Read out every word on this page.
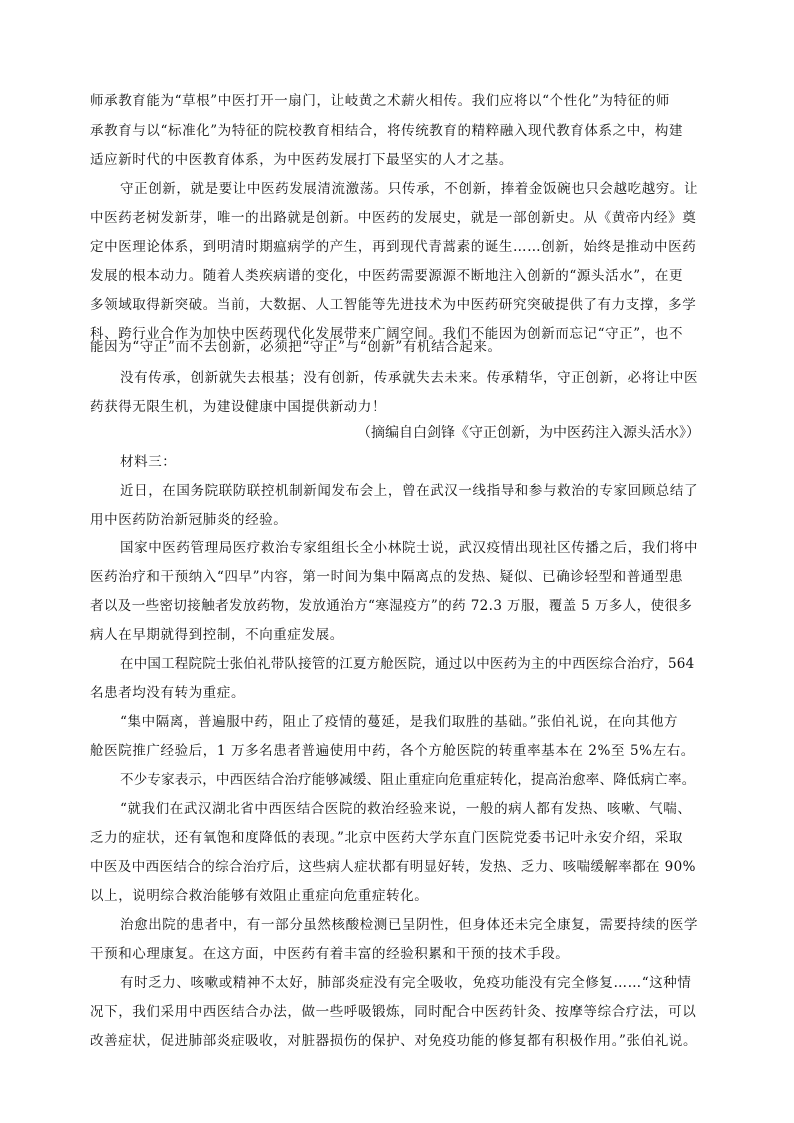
师承教育能为“草根”中医打开一扇门，让岐黄之术薪火相传。我们应将以“个性化”为特征的师
承教育与以“标准化”为特征的院校教育相结合，将传统教育的精粹融入现代教育体系之中，构建
适应新时代的中医教育体系，为中医药发展打下最坚实的人才之基。
守正创新，就是要让中医药发展清流激荡。只传承，不创新，捧着金饭碗也只会越吃越穷。让
中医药老树发新芽，唯一的出路就是创新。中医药的发展史，就是一部创新史。从《黄帝内经》奠
定中医理论体系，到明清时期瘟病学的产生，再到现代青蒿素的诞生……创新，始终是推动中医药
发展的根本动力。随着人类疾病谱的变化，中医药需要源源不断地注入创新的“源头活水”，在更
多领域取得新突破。当前，大数据、人工智能等先进技术为中医药研究突破提供了有力支撑，多学
科、跨行业合作为加快中医药现代化发展带来广阔空间。我们不能因为创新而忘记“守正”，也不
能因为“守正”而不去创新，必须把“守正”与“创新”有机结合起来。
没有传承，创新就失去根基；没有创新，传承就失去未来。传承精华，守正创新，必将让中医
药获得无限生机，为建设健康中国提供新动力！
（摘编自白剑锋《守正创新，为中医药注入源头活水》）
材料三：
近日，在国务院联防联控机制新闻发布会上，曾在武汉一线指导和参与救治的专家回顾总结了
用中医药防治新冠肺炎的经验。
国家中医药管理局医疗救治专家组组长全小林院士说，武汉疫情出现社区传播之后，我们将中
医药治疗和干预纳入“四早”内容，第一时间为集中隔离点的发热、疑似、已确诊轻型和普通型患
者以及一些密切接触者发放药物，发放通治方“寒湿疫方”的药 72.3 万服，覆盖 5 万多人，使很多
病人在早期就得到控制，不向重症发展。
在中国工程院院士张伯礼带队接管的江夏方舱医院，通过以中医药为主的中西医综合治疗，564
名患者均没有转为重症。
“集中隔离，普遍服中药，阻止了疫情的蔓延，是我们取胜的基础。”张伯礼说，在向其他方
舱医院推广经验后，1 万多名患者普遍使用中药，各个方舱医院的转重率基本在 2%至 5%左右。
不少专家表示，中西医结合治疗能够减缓、阻止重症向危重症转化，提高治愈率、降低病亡率。
“就我们在武汉湖北省中西医结合医院的救治经验来说，一般的病人都有发热、咳嗽、气喘、
乏力的症状，还有氧饱和度降低的表现。”北京中医药大学东直门医院党委书记叶永安介绍，采取
中医及中西医结合的综合治疗后，这些病人症状都有明显好转，发热、乏力、咳喘缓解率都在 90%
以上，说明综合救治能够有效阻止重症向危重症转化。
治愈出院的患者中，有一部分虽然核酸检测已呈阴性，但身体还未完全康复，需要持续的医学
干预和心理康复。在这方面，中医药有着丰富的经验积累和干预的技术手段。
有时乏力、咳嗽或精神不太好，肺部炎症没有完全吸收，免疫功能没有完全修复……“这种情
况下，我们采用中西医结合办法，做一些呼吸锻炼，同时配合中医药针灸、按摩等综合疗法，可以
改善症状，促进肺部炎症吸收，对脏器损伤的保护、对免疫功能的修复都有积极作用。”张伯礼说。
